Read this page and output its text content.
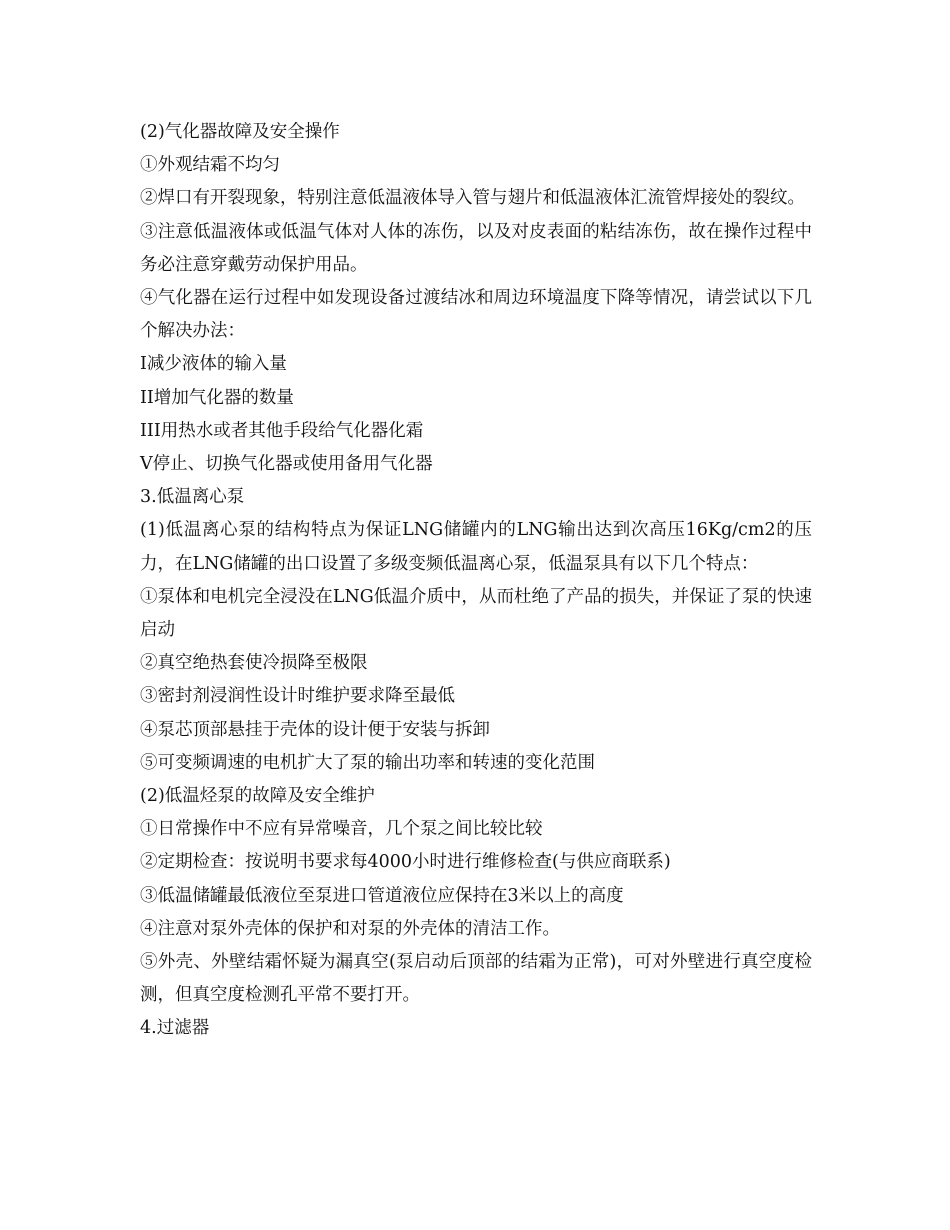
(2)气化器故障及安全操作

①外观结霜不均匀

②焊口有开裂现象，特别注意低温液体导入管与翅片和低温液体汇流管焊接处的裂纹。

③注意低温液体或低温气体对人体的冻伤，以及对皮表面的粘结冻伤，故在操作过程中务必注意穿戴劳动保护用品。

④气化器在运行过程中如发现设备过渡结冰和周边环境温度下降等情况，请尝试以下几个解决办法：

I减少液体的输入量

II增加气化器的数量

III用热水或者其他手段给气化器化霜

V停止、切换气化器或使用备用气化器

3.低温离心泵

(1)低温离心泵的结构特点为保证LNG储罐内的LNG输出达到次高压16Kg/cm2的压力，在LNG储罐的出口设置了多级变频低温离心泵，低温泵具有以下几个特点：

①泵体和电机完全浸没在LNG低温介质中，从而杜绝了产品的损失，并保证了泵的快速启动

②真空绝热套使冷损降至极限

③密封剂浸润性设计时维护要求降至最低

④泵芯顶部悬挂于壳体的设计便于安装与拆卸

⑤可变频调速的电机扩大了泵的输出功率和转速的变化范围

(2)低温烃泵的故障及安全维护

①日常操作中不应有异常噪音，几个泵之间比较比较

②定期检查：按说明书要求每4000小时进行维修检查(与供应商联系)

③低温储罐最低液位至泵进口管道液位应保持在3米以上的高度

④注意对泵外壳体的保护和对泵的外壳体的清洁工作。

⑤外壳、外壁结霜怀疑为漏真空(泵启动后顶部的结霜为正常)，可对外壁进行真空度检测，但真空度检测孔平常不要打开。

4.过滤器
